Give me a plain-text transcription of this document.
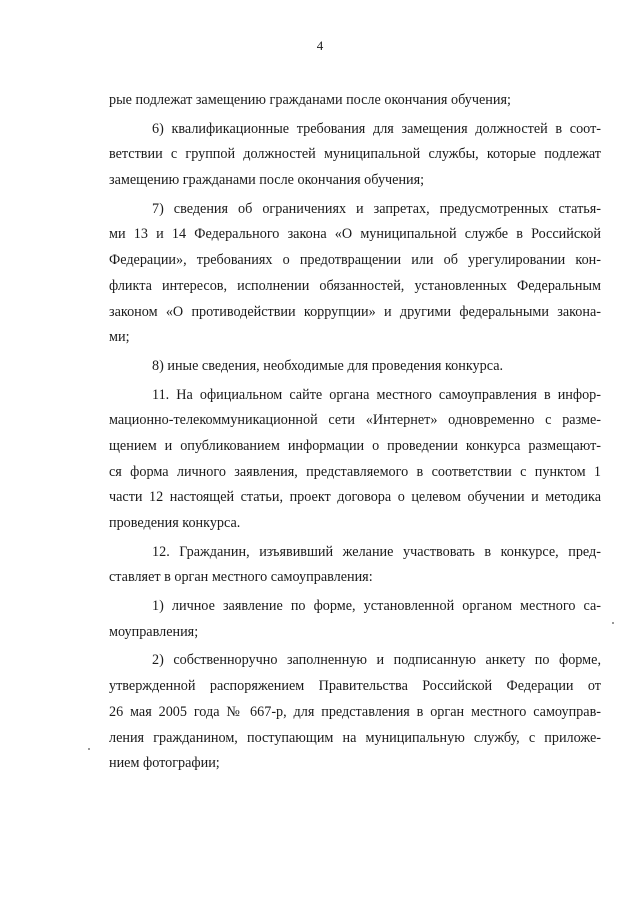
4
рые подлежат замещению гражданами после окончания обучения;
6) квалификационные требования для замещения должностей в соот-
ветствии с группой должностей муниципальной службы, которые подлежат
замещению гражданами после окончания обучения;
7) сведения об ограничениях и запретах, предусмотренных статья-
ми 13 и 14 Федерального закона «О муниципальной службе в Российской
Федерации», требованиях о предотвращении или об урегулировании кон-
фликта интересов, исполнении обязанностей, установленных Федеральным
законом «О противодействии коррупции» и другими федеральными закона-
ми;
8) иные сведения, необходимые для проведения конкурса.
11. На официальном сайте органа местного самоуправления в инфор-
мационно-телекоммуникационной сети «Интернет» одновременно с разме-
щением и опубликованием информации о проведении конкурса размещают-
ся форма личного заявления, представляемого в соответствии с пунктом 1
части 12 настоящей статьи, проект договора о целевом обучении и методика
проведения конкурса.
12. Гражданин, изъявивший желание участвовать в конкурсе, пред-
ставляет в орган местного самоуправления:
1) личное заявление по форме, установленной органом местного са-
моуправления;
2) собственноручно заполненную и подписанную анкету по форме,
утвержденной распоряжением Правительства Российской Федерации от
26 мая 2005 года № 667-р, для представления в орган местного самоуправ-
ления гражданином, поступающим на муниципальную службу, с приложе-
нием фотографии;
